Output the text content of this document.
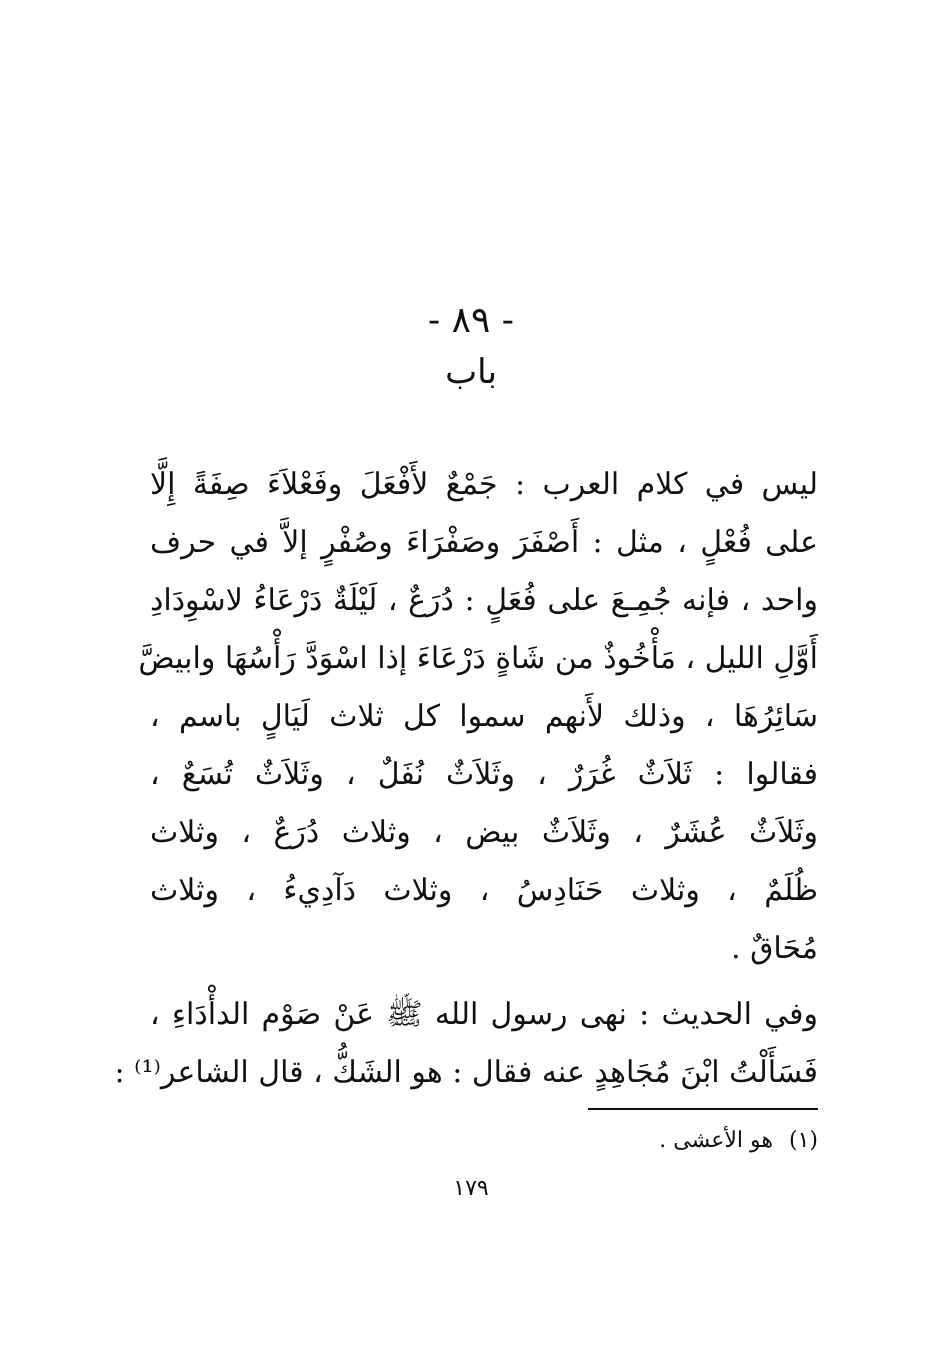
- ٨٩ -
باب
ليس في كلام العرب : جَمْعٌ لأَفْعَلَ وفَعْلاَءَ صِفَةً إِلَّا
على فُعْلٍ ، مثل : أَصْفَرَ وصَفْرَاءَ وصُفْرٍ إلاَّ في حرف
واحد ، فإنه جُمِـعَ على فُعَلٍ : دُرَعٌ ، لَيْلَةٌ دَرْعَاءُ لاسْوِدَادِ
أَوَّلِ الليل ، مَأْخُوذٌ من شَاةٍ دَرْعَاءَ إذا اسْوَدَّ رَأْسُهَا وابيضَّ
سَائِرُهَا ، وذلك لأَنهم سموا كل ثلاث لَيَالٍ باسم ،
فقالوا : ثَلاَثٌ غُرَرٌ ، وثَلاَثٌ نُفَلٌ ، وثَلاَثٌ تُسَعٌ ،
وثَلاَثٌ عُشَرٌ ، وثَلاَثٌ بيض ، وثلاث دُرَعٌ ، وثلاث
ظُلَمٌ ، وثلاث حَنَادِسُ ، وثلاث دَآدِيءُ ، وثلاث
مُحَاقٌ .
وفي الحديث : نهى رسول الله ﷺ عَنْ صَوْم الدأْدَاءِ ،
فَسَأَلْتُ ابْنَ مُجَاهِدٍ عنه فقال : هو الشَكُّ ، قال الشاعر⁽¹⁾ :
(١)هو الأعشى .
١٧٩
